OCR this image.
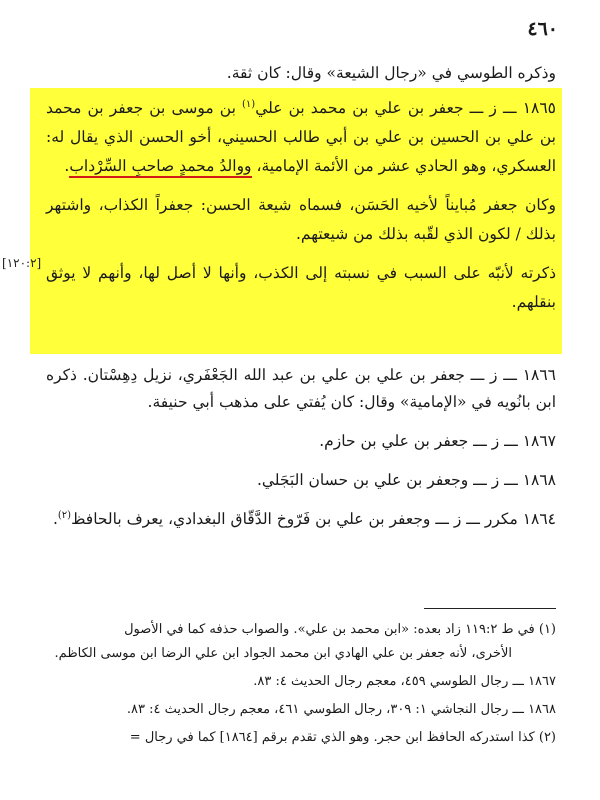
٤٦٠
وذكره الطوسي في «رجال الشيعة» وقال: كان ثقة.

١٨٦٥ ـــ ز ـــ جعفر بن علي بن محمد بن علي$^{(١)}$ بن موسى بن جعفر بن محمد بن علي بن الحسين بن علي بن أبي طالب الحسيني، أخو الحسن الذي يقال له: العسكري، وهو الحادي عشر من الأئمة الإمامية، ووالدُ محمدٍ صاحبِ السِّرْداب.

وكان جعفر مُبايناً لأخيه الحَسَن، فسماه شيعة الحسن: جعفراً الكذاب، واشتهر بذلك / لكون الذي لقّبه بذلك من شيعتهم.

ذكرته لأنبّه على السبب في نسبته إلى الكذب، وأنها لا أصل لها، وأنهم لا يوثق بنقلهم.

[١٢٠:٢]

١٨٦٦ ـــ ز ـــ جعفر بن علي بن علي بن عبد الله الجَعْفَري، نزيل دِهِسْتان. ذكره ابن بانُويه في «الإمامية» وقال: كان يُفتي على مذهب أبي حنيفة.

١٨٦٧ ـــ ز ـــ جعفر بن علي بن حازم.

١٨٦٨ ـــ ز ـــ وجعفر بن علي بن حسان البَجَلي.

١٨٦٤ مكرر ـــ ز ـــ وجعفر بن علي بن فَرّوخ الدَّقّاق البغدادي، يعرف بالحافظ$^{(٢)}$.

(١) في ط ١١٩:٢ زاد بعده: «ابن محمد بن علي». والصواب حذفه كما في الأصول

الأخرى، لأنه جعفر بن علي الهادي ابن محمد الجواد ابن علي الرضا ابن موسى الكاظم.

١٨٦٧ ـــ رجال الطوسي ٤٥٩، معجم رجال الحديث ٤: ٨٣.

١٨٦٨ ـــ رجال النجاشي ١: ٣٠٩، رجال الطوسي ٤٦١، معجم رجال الحديث ٤: ٨٣.

(٢) كذا استدركه الحافظ ابن حجر. وهو الذي تقدم برقم [١٨٦٤] كما في رجال =
